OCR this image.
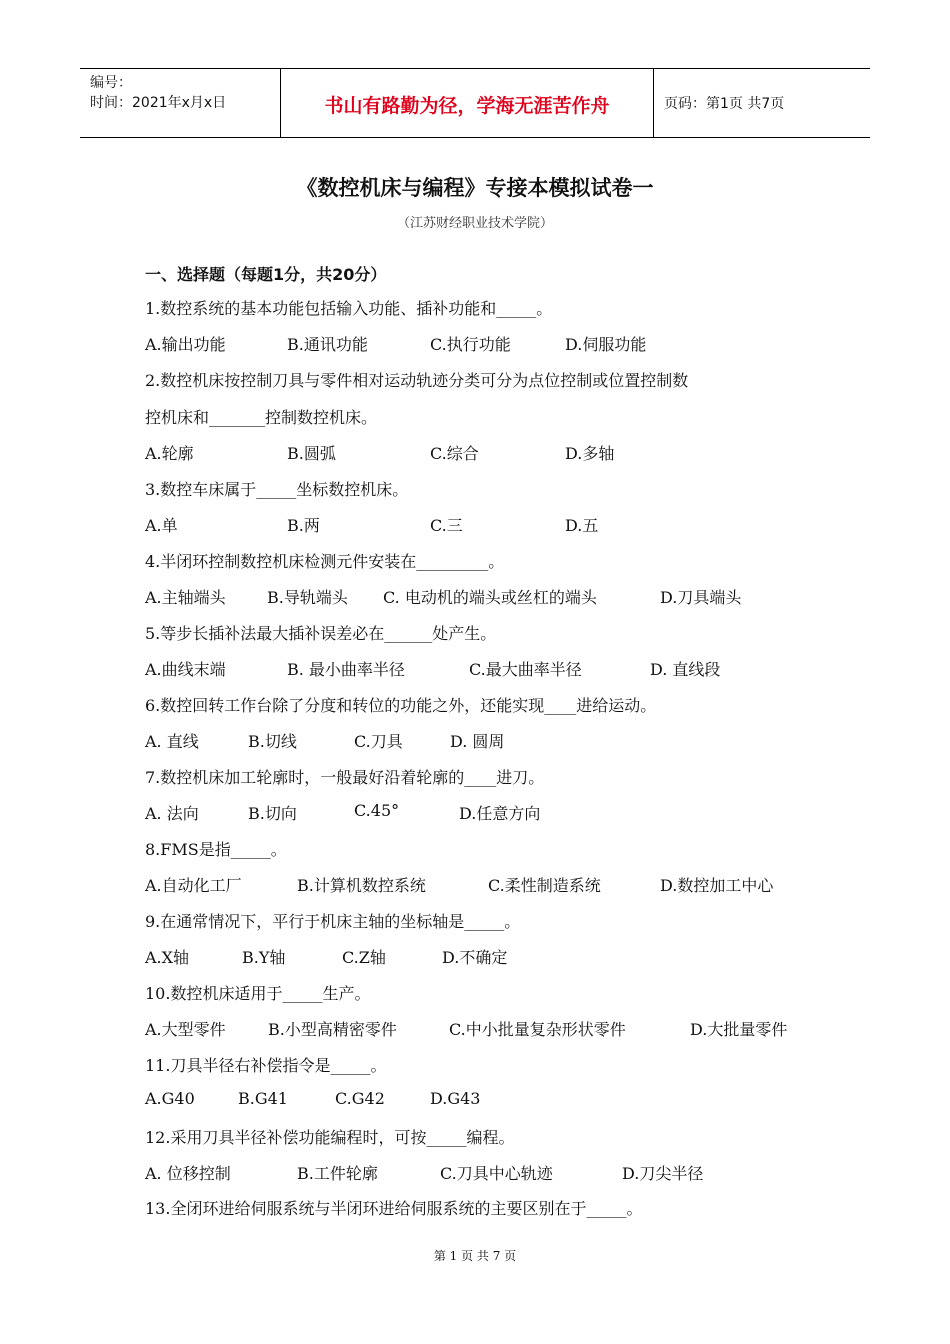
编号：
时间：2021年x月x日	书山有路勤为径，学海无涯苦作舟	页码：第1页 共7页
《数控机床与编程》专接本模拟试卷一
（江苏财经职业技术学院）
一、选择题（每题1分，共20分）
1.数控系统的基本功能包括输入功能、插补功能和_____。
A.输出功能	B.通讯功能	C.执行功能	D.伺服功能
2.数控机床按控制刀具与零件相对运动轨迹分类可分为点位控制或位置控制数
控机床和_______控制数控机床。
A.轮廓	B.圆弧	C.综合	D.多轴
3.数控车床属于_____坐标数控机床。
A.单	B.两	C.三	D.五
4.半闭环控制数控机床检测元件安装在_________。
A.主轴端头	B.导轨端头 C. 电动机的端头或丝杠的端头	D.刀具端头
5.等步长插补法最大插补误差必在______处产生。
A.曲线末端	B. 最小曲率半径	C.最大曲率半径	D. 直线段
6.数控回转工作台除了分度和转位的功能之外，还能实现____进给运动。
A. 直线	B.切线	C.刀具	D. 圆周
7.数控机床加工轮廓时，一般最好沿着轮廓的____进刀。
A. 法向	B.切向	C.45°	D.任意方向
8.FMS是指_____。
A.自动化工厂	B.计算机数控系统	C.柔性制造系统	D.数控加工中心
9.在通常情况下，平行于机床主轴的坐标轴是_____。
A.X轴	B.Y轴	C.Z轴	D.不确定
10.数控机床适用于_____生产。
A.大型零件	B.小型高精密零件	C.中小批量复杂形状零件	D.大批量零件
11.刀具半径右补偿指令是_____。
A.G40	B.G41	C.G42	D.G43
12.采用刀具半径补偿功能编程时，可按_____编程。
A. 位移控制	B.工件轮廓	C.刀具中心轨迹	D.刀尖半径
13.全闭环进给伺服系统与半闭环进给伺服系统的主要区别在于_____。
第 1 页 共 7 页
